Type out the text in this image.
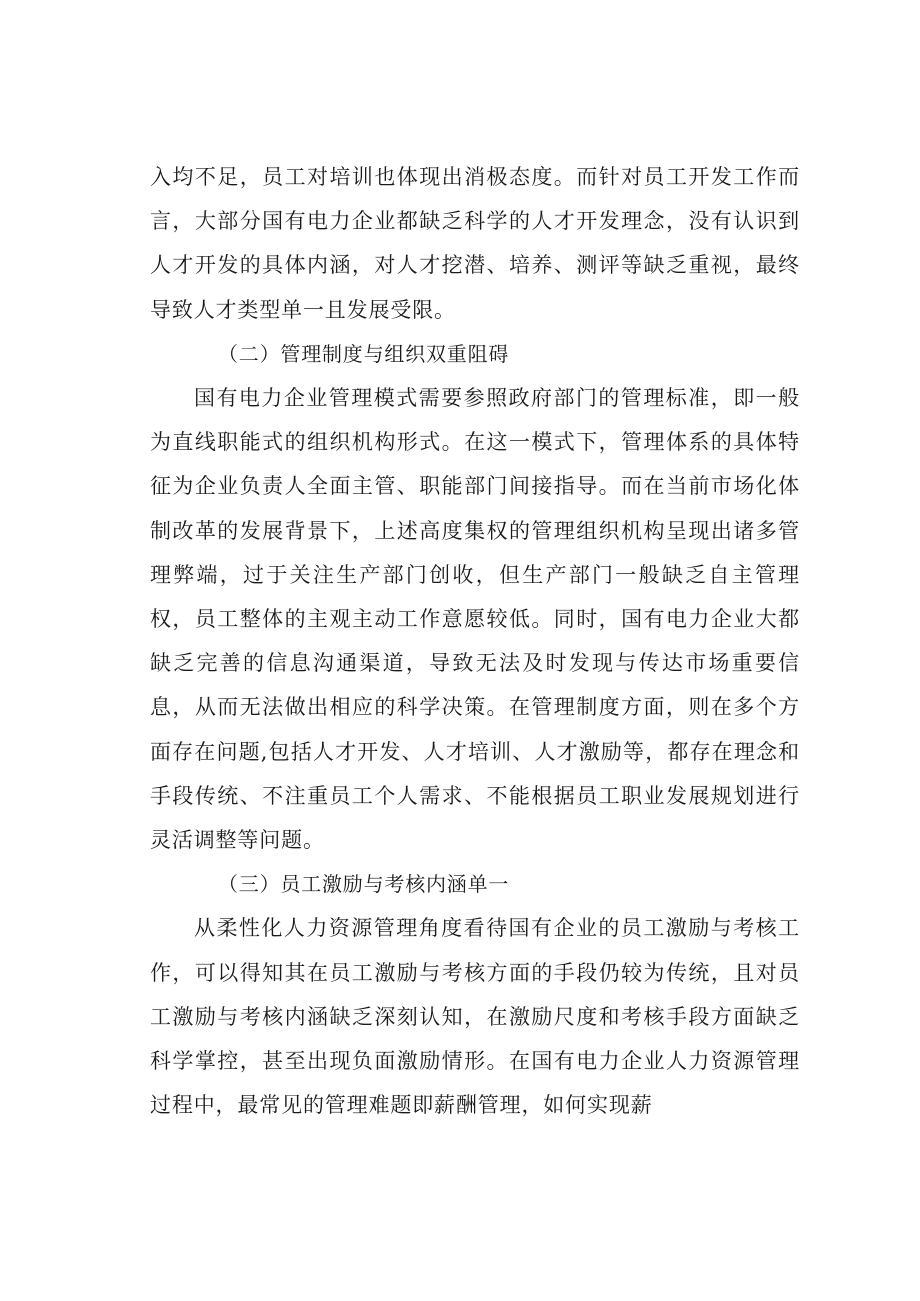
入均不足，员工对培训也体现出消极态度。而针对员工开发工作而言，大部分国有电力企业都缺乏科学的人才开发理念，没有认识到人才开发的具体内涵，对人才挖潜、培养、测评等缺乏重视，最终导致人才类型单一且发展受限。

（二）管理制度与组织双重阻碍

国有电力企业管理模式需要参照政府部门的管理标准，即一般为直线职能式的组织机构形式。在这一模式下，管理体系的具体特征为企业负责人全面主管、职能部门间接指导。而在当前市场化体制改革的发展背景下，上述高度集权的管理组织机构呈现出诸多管理弊端，过于关注生产部门创收，但生产部门一般缺乏自主管理权，员工整体的主观主动工作意愿较低。同时，国有电力企业大都缺乏完善的信息沟通渠道，导致无法及时发现与传达市场重要信息，从而无法做出相应的科学决策。在管理制度方面，则在多个方面存在问题,包括人才开发、人才培训、人才激励等，都存在理念和手段传统、不注重员工个人需求、不能根据员工职业发展规划进行灵活调整等问题。

（三）员工激励与考核内涵单一

从柔性化人力资源管理角度看待国有企业的员工激励与考核工作，可以得知其在员工激励与考核方面的手段仍较为传统，且对员工激励与考核内涵缺乏深刻认知，在激励尺度和考核手段方面缺乏科学掌控，甚至出现负面激励情形。在国有电力企业人力资源管理过程中，最常见的管理难题即薪酬管理，如何实现薪
